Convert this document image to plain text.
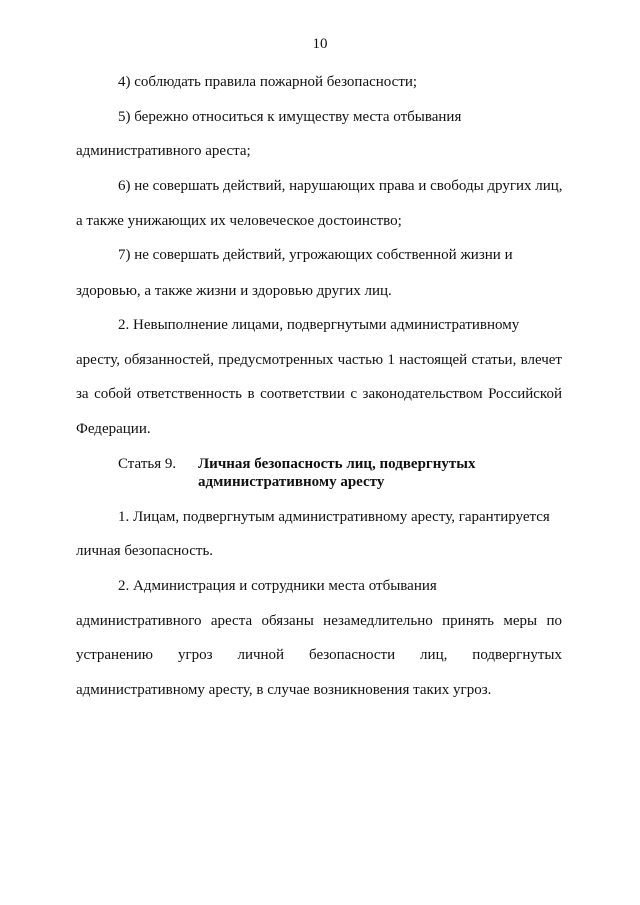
10
4) соблюдать правила пожарной безопасности;
5) бережно относиться к имуществу места отбывания
административного ареста;
6) не совершать действий, нарушающих права и свободы других лиц,
а также унижающих их человеческое достоинство;
7) не совершать действий, угрожающих собственной жизни и
здоровью, а также жизни и здоровью других лиц.
2. Невыполнение лицами, подвергнутыми административному
аресту, обязанностей, предусмотренных частью 1 настоящей статьи, влечет
за собой ответственность в соответствии с законодательством Российской
Федерации.
Статья 9. Личная безопасность лиц, подвергнутых
административному аресту
1. Лицам, подвергнутым административному аресту, гарантируется
личная безопасность.
2. Администрация и сотрудники места отбывания
административного ареста обязаны незамедлительно принять меры по
устранению угроз личной безопасности лиц, подвергнутых
административному аресту, в случае возникновения таких угроз.
